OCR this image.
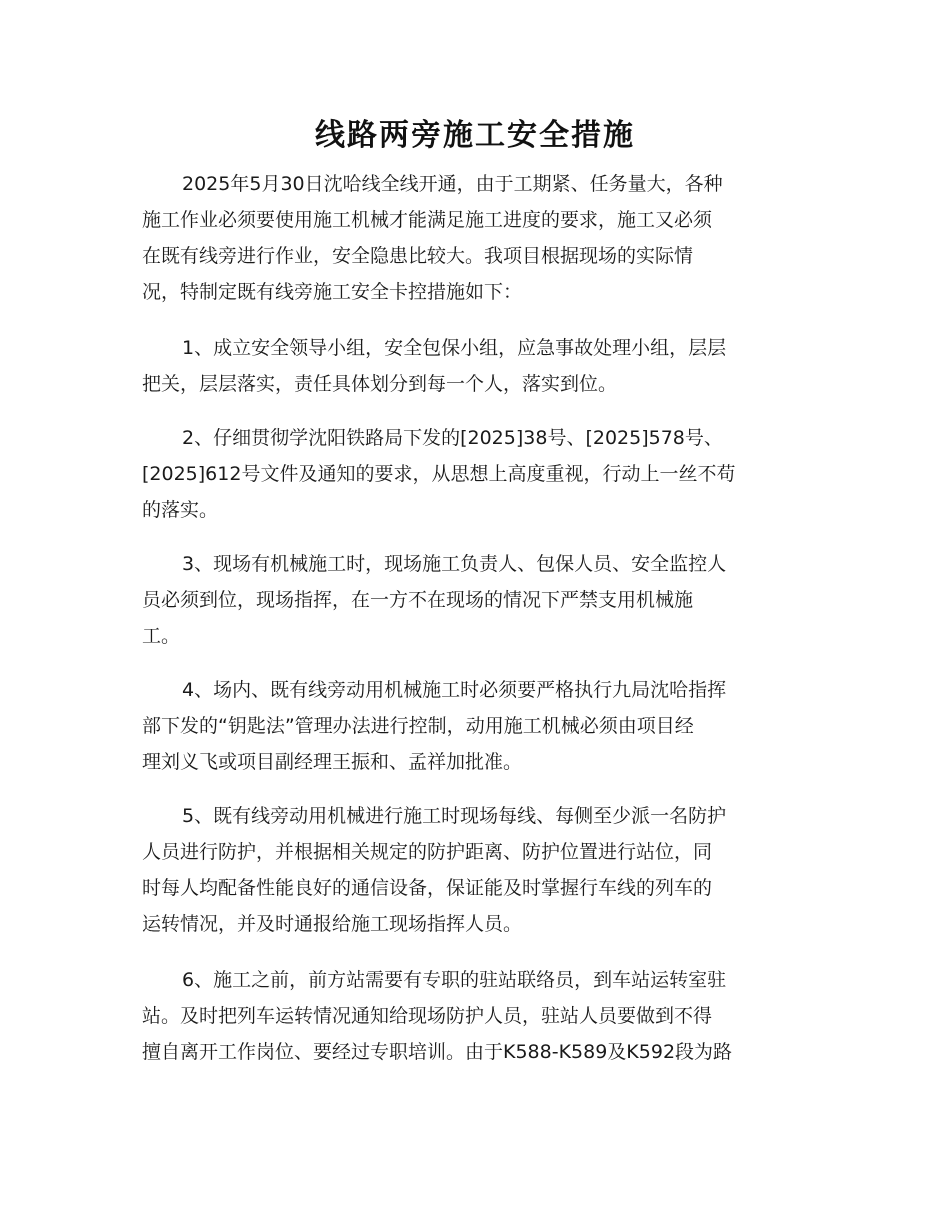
线路两旁施工安全措施

2025年5月30日沈哈线全线开通，由于工期紧、任务量大，各种
施工作业必须要使用施工机械才能满足施工进度的要求，施工又必须
在既有线旁进行作业，安全隐患比较大。我项目根据现场的实际情
况，特制定既有线旁施工安全卡控措施如下：

1、成立安全领导小组，安全包保小组，应急事故处理小组，层层
把关，层层落实，责任具体划分到每一个人，落实到位。

2、仔细贯彻学沈阳铁路局下发的[2025]38号、[2025]578号、
[2025]612号文件及通知的要求，从思想上高度重视，行动上一丝不苟
的落实。

3、现场有机械施工时，现场施工负责人、包保人员、安全监控人
员必须到位，现场指挥，在一方不在现场的情况下严禁支用机械施
工。

4、场内、既有线旁动用机械施工时必须要严格执行九局沈哈指挥
部下发的“钥匙法”管理办法进行控制，动用施工机械必须由项目经
理刘义飞或项目副经理王振和、孟祥加批准。

5、既有线旁动用机械进行施工时现场每线、每侧至少派一名防护
人员进行防护，并根据相关规定的防护距离、防护位置进行站位，同
时每人均配备性能良好的通信设备，保证能及时掌握行车线的列车的
运转情况，并及时通报给施工现场指挥人员。

6、施工之前，前方站需要有专职的驻站联络员，到车站运转室驻
站。及时把列车运转情况通知给现场防护人员，驻站人员要做到不得
擅自离开工作岗位、要经过专职培训。由于K588-K589及K592段为路
